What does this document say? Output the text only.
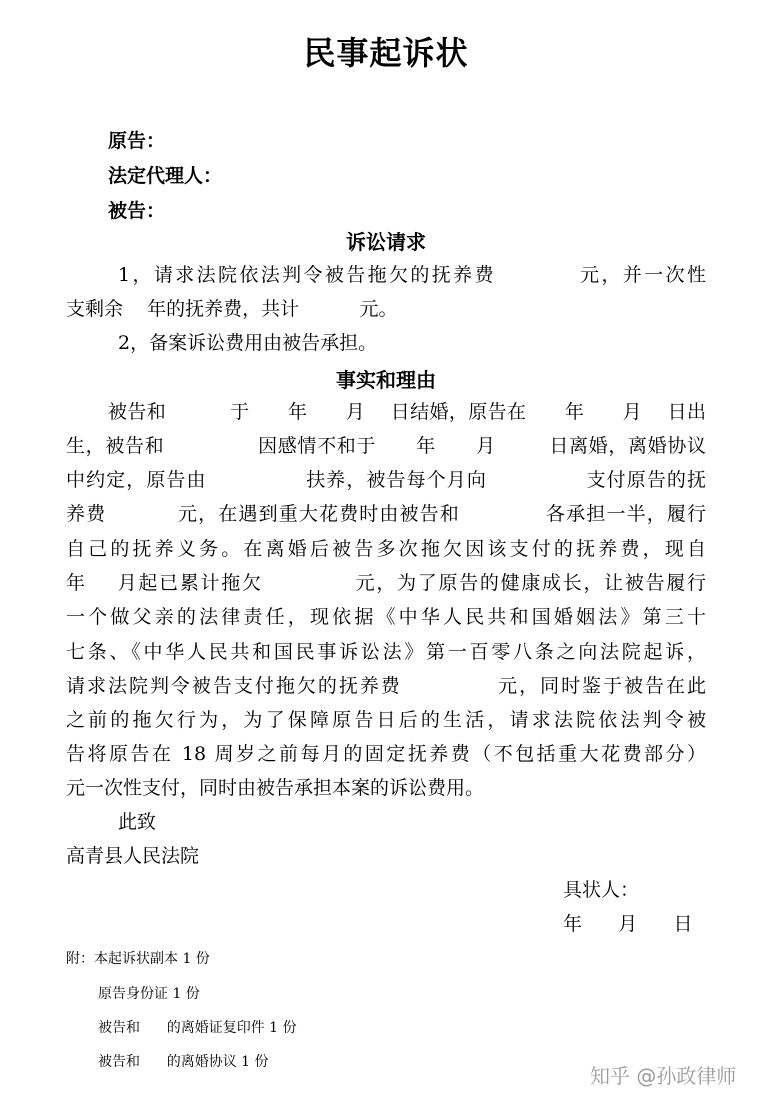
民事起诉状
原告：
法定代理人：
被告：
诉讼请求
1，请求法院依法判令被告拖欠的抚养费          元，并一次性
支剩余    年的抚养费，共计          元。
2，备案诉讼费用由被告承担。
事实和理由
被告和          于      年      月    日结婚，原告在      年      月    日出
生，被告和              因感情不和于      年      月        日离婚，离婚协议
中约定，原告由              扶养，被告每个月向              支付原告的抚
养费          元，在遇到重大花费时由被告和            各承担一半，履行
自己的抚养义务。在离婚后被告多次拖欠因该支付的抚养费，现自
年    月起已累计拖欠            元，为了原告的健康成长，让被告履行
一个做父亲的法律责任，现依据《中华人民共和国婚姻法》第三十
七条、《中华人民共和国民事诉讼法》第一百零八条之向法院起诉，
请求法院判令被告支付拖欠的抚养费            元，同时鉴于被告在此
之前的拖欠行为，为了保障原告日后的生活，请求法院依法判令被
告将原告在 18 周岁之前每月的固定抚养费（不包括重大花费部分）
元一次性支付，同时由被告承担本案的诉讼费用。
此致
高青县人民法院
具状人：
年      月      日
附：本起诉状副本 1 份
原告身份证 1 份
被告和      的离婚证复印件 1 份
被告和      的离婚协议 1 份
知乎 @孙政律师
